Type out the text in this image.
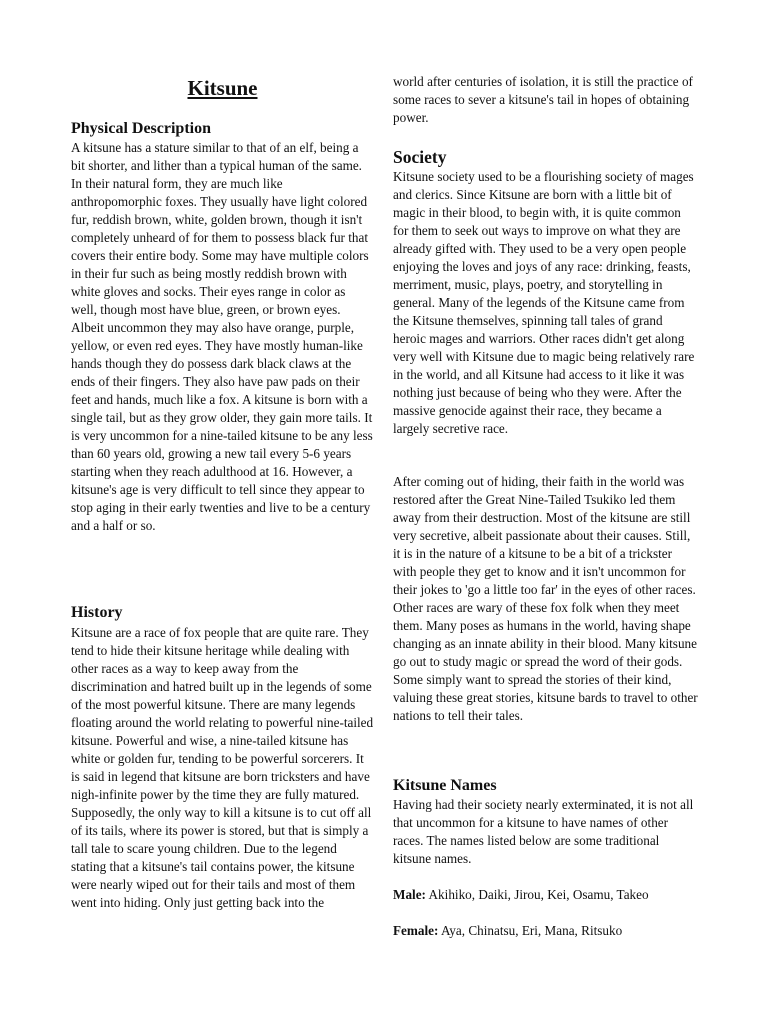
Kitsune
Physical Description

A kitsune has a stature similar to that of an elf, being a bit shorter, and lither than a typical human of the same. In their natural form, they are much like anthropomorphic foxes. They usually have light colored fur, reddish brown, white, golden brown, though it isn't completely unheard of for them to possess black fur that covers their entire body. Some may have multiple colors in their fur such as being mostly reddish brown with white gloves and socks. Their eyes range in color as well, though most have blue, green, or brown eyes. Albeit uncommon they may also have orange, purple, yellow, or even red eyes. They have mostly human-like hands though they do possess dark black claws at the ends of their fingers. They also have paw pads on their feet and hands, much like a fox. A kitsune is born with a single tail, but as they grow older, they gain more tails. It is very uncommon for a nine-tailed kitsune to be any less than 60 years old, growing a new tail every 5-6 years starting when they reach adulthood at 16. However, a kitsune's age is very difficult to tell since they appear to stop aging in their early twenties and live to be a century and a half or so.

History

Kitsune are a race of fox people that are quite rare. They tend to hide their kitsune heritage while dealing with other races as a way to keep away from the discrimination and hatred built up in the legends of some of the most powerful kitsune. There are many legends floating around the world relating to powerful nine-tailed kitsune. Powerful and wise, a nine-tailed kitsune has white or golden fur, tending to be powerful sorcerers. It is said in legend that kitsune are born tricksters and have nigh-infinite power by the time they are fully matured. Supposedly, the only way to kill a kitsune is to cut off all of its tails, where its power is stored, but that is simply a tall tale to scare young children. Due to the legend stating that a kitsune's tail contains power, the kitsune were nearly wiped out for their tails and most of them went into hiding. Only just getting back into the

world after centuries of isolation, it is still the practice of some races to sever a kitsune's tail in hopes of obtaining power.

Society

Kitsune society used to be a flourishing society of mages and clerics. Since Kitsune are born with a little bit of magic in their blood, to begin with, it is quite common for them to seek out ways to improve on what they are already gifted with. They used to be a very open people enjoying the loves and joys of any race: drinking, feasts, merriment, music, plays, poetry, and storytelling in general. Many of the legends of the Kitsune came from the Kitsune themselves, spinning tall tales of grand heroic mages and warriors. Other races didn't get along very well with Kitsune due to magic being relatively rare in the world, and all Kitsune had access to it like it was nothing just because of being who they were. After the massive genocide against their race, they became a largely secretive race.

After coming out of hiding, their faith in the world was restored after the Great Nine-Tailed Tsukiko led them away from their destruction. Most of the kitsune are still very secretive, albeit passionate about their causes. Still, it is in the nature of a kitsune to be a bit of a trickster with people they get to know and it isn't uncommon for their jokes to 'go a little too far' in the eyes of other races. Other races are wary of these fox folk when they meet them. Many poses as humans in the world, having shape changing as an innate ability in their blood. Many kitsune go out to study magic or spread the word of their gods. Some simply want to spread the stories of their kind, valuing these great stories, kitsune bards to travel to other nations to tell their tales.

Kitsune Names

Having had their society nearly exterminated, it is not all that uncommon for a kitsune to have names of other races. The names listed below are some traditional kitsune names.

Male: Akihiko, Daiki, Jirou, Kei, Osamu, Takeo

Female: Aya, Chinatsu, Eri, Mana, Ritsuko
